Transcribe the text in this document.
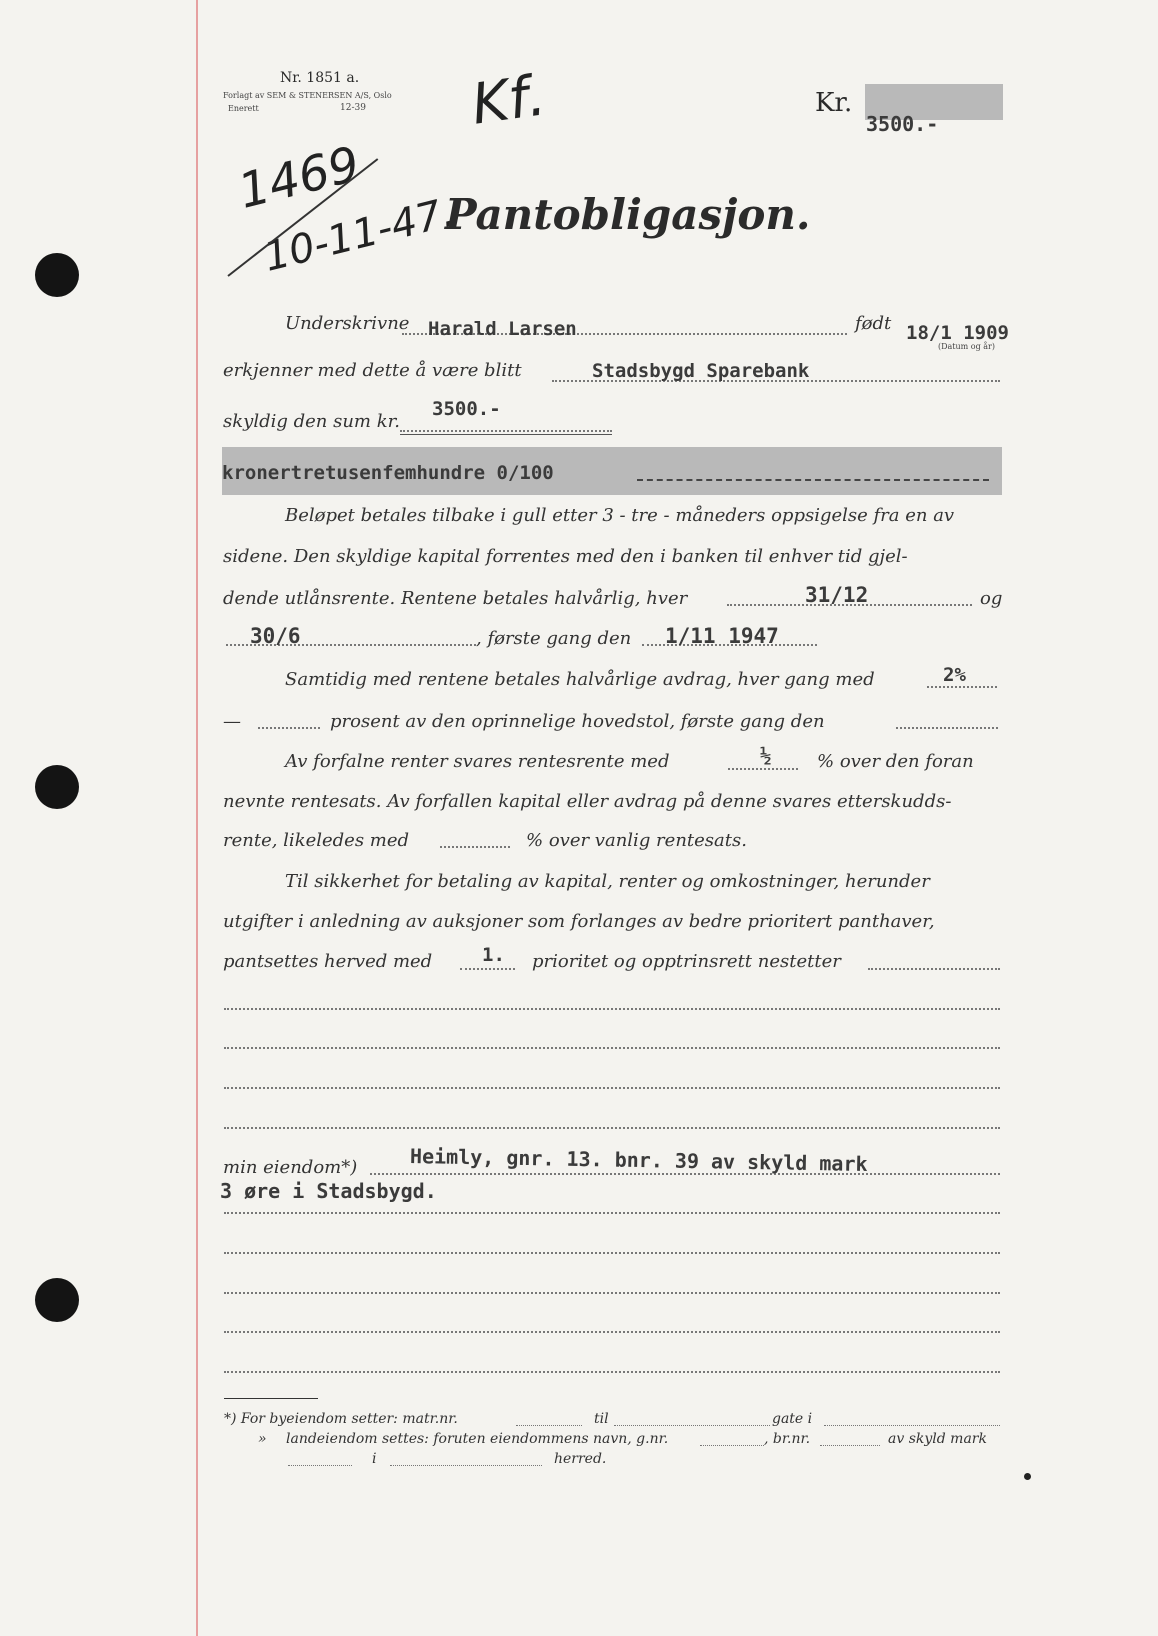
Nr. 1851 a.
Forlagt av SEM & STENERSEN A/S, Oslo
Enerett	12-39 Kf.	Kr.
3500.-
1469
10-11-47.
Pantobligasjon.
Underskrivne Harald Larsen	født 18/1 1909
(Datum og år)
erkjenner med dette å være blitt	Stadsbygd Sparebank
skyldig den sum kr.
3500.-
kronertretusenfemhundre 0/100
Beløpet betales tilbake i gull etter 3 - tre - måneders oppsigelse fra en av
sidene. Den skyldige kapital forrentes med den i banken til enhver tid gjel-
dende utlånsrente. Rentene betales halvårlig, hver	31/12	og
30/6	, første gang den 1/11 1947
Samtidig med rentene betales halvårlige avdrag, hver gang med	2%
—	prosent av den oprinnelige hovedstol, første gang den
Av forfalne renter svares rentesrente med	½	% over den foran
nevnte rentesats. Av forfallen kapital eller avdrag på denne svares etterskudds-
rente, likeledes med	% over vanlig rentesats.
Til sikkerhet for betaling av kapital, renter og omkostninger, herunder
utgifter i anledning av auksjoner som forlanges av bedre prioritert panthaver,
pantsettes herved med	1. prioritet og opptrinsrett nestetter
min eiendom*)	Heimly, gnr. 13. bnr. 39 av skyld mark
3 øre i Stadsbygd.
*) For byeiendom setter: matr.nr.	til	gate i
» landeiendom settes: foruten eiendommens navn, g.nr.	, br.nr.	av skyld mark
i	herred.
